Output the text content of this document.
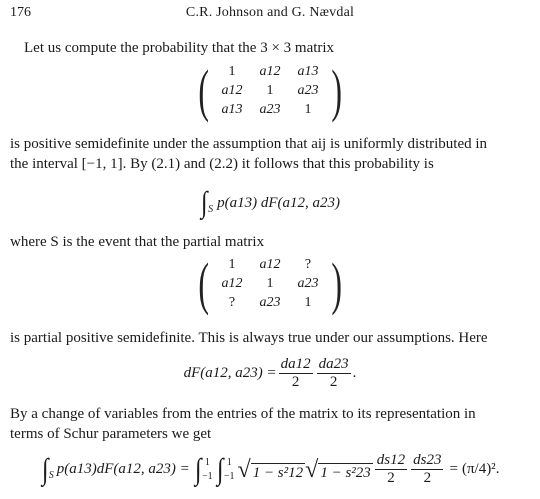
176	C.R. Johnson and G. Nævdal
Let us compute the probability that the 3 × 3 matrix
( 1	a12	a13
a12	1	a23
a13	a23	1 )
is positive semidefinite under the assumption that aij is uniformly distributed in
the interval [−1, 1]. By (2.1) and (2.2) it follows that this probability is
∫ S p(a13) dF(a12, a23)
where S is the event that the partial matrix
( 1	a12	?
a12	1	a23
?	a23	1 )
is partial positive semidefinite. This is always true under our assumptions. Here
dF(a12, $a23) = \frac{da12}{2} \frac{da23}{2}$ .
By a change of variables from the entries of the matrix to its representation in
terms of Schur parameters we get
∫ S p(a13)dF(a12, a23) = ∫ 1
−1 ∫ 1
−1 √ 1 − s²12 √ $1 - s^223 \frac{ds12}{2} \frac{ds23}{2} = (\pi/4)^2$ .
